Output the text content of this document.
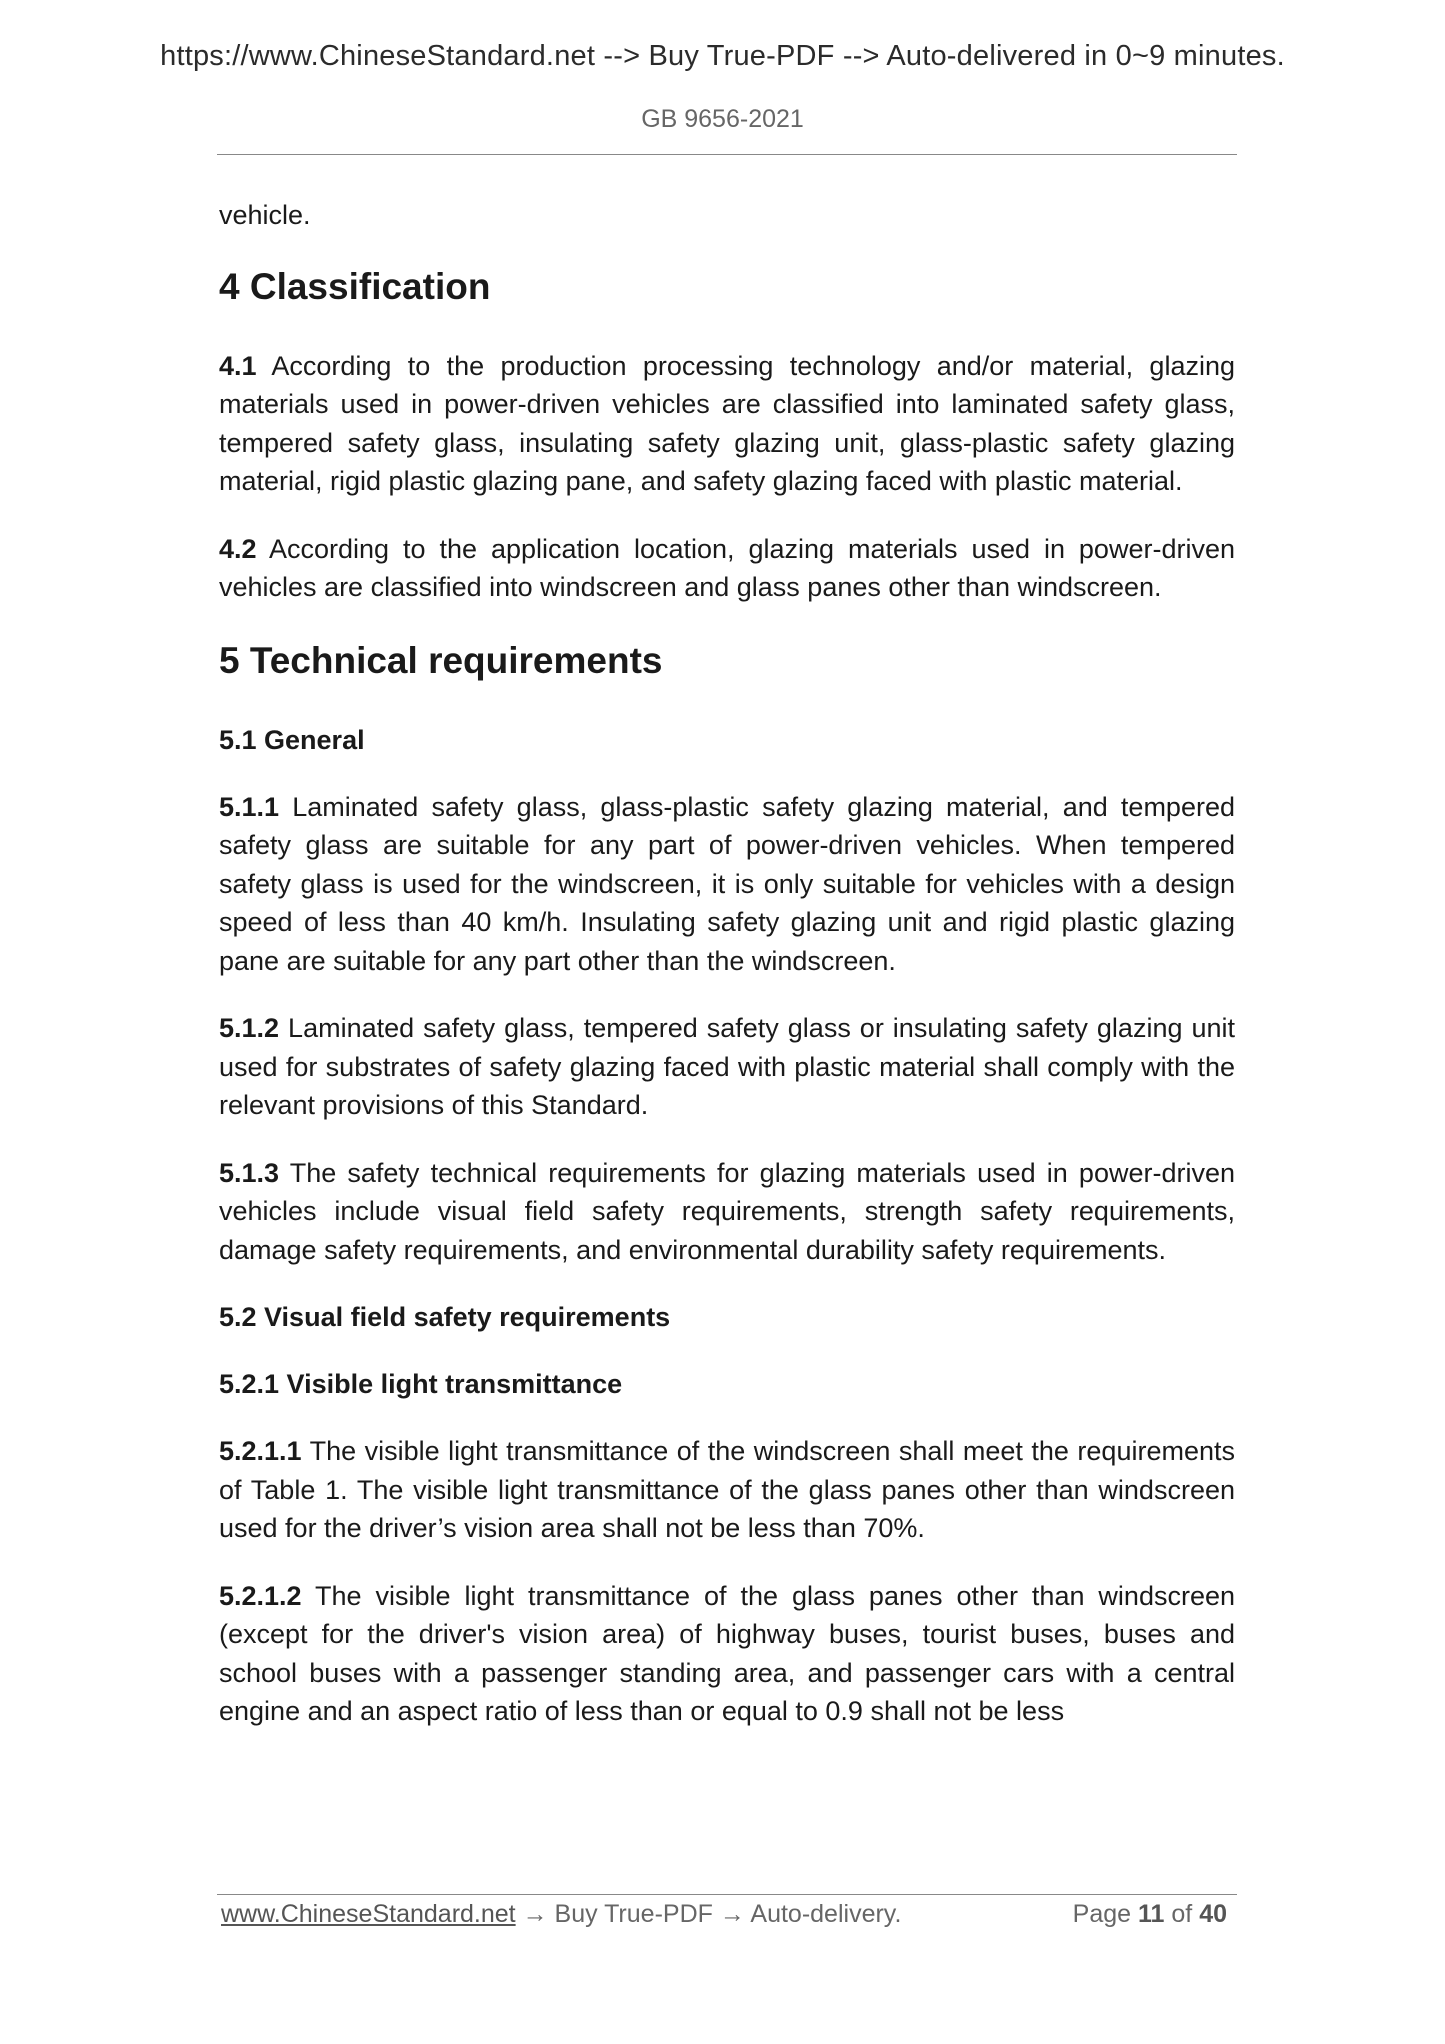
https://www.ChineseStandard.net --> Buy True-PDF --> Auto-delivered in 0~9 minutes.
GB 9656-2021

vehicle.

4 Classification

4.1 According to the production processing technology and/or material, glazing materials used in power-driven vehicles are classified into laminated safety glass, tempered safety glass, insulating safety glazing unit, glass-plastic safety glazing material, rigid plastic glazing pane, and safety glazing faced with plastic material.

4.2 According to the application location, glazing materials used in power-driven vehicles are classified into windscreen and glass panes other than windscreen.

5 Technical requirements
5.1 General

5.1.1 Laminated safety glass, glass-plastic safety glazing material, and tempered safety glass are suitable for any part of power-driven vehicles. When tempered safety glass is used for the windscreen, it is only suitable for vehicles with a design speed of less than 40 km/h. Insulating safety glazing unit and rigid plastic glazing pane are suitable for any part other than the windscreen.

5.1.2 Laminated safety glass, tempered safety glass or insulating safety glazing unit used for substrates of safety glazing faced with plastic material shall comply with the relevant provisions of this Standard.

5.1.3 The safety technical requirements for glazing materials used in power-driven vehicles include visual field safety requirements, strength safety requirements, damage safety requirements, and environmental durability safety requirements.

5.2 Visual field safety requirements
5.2.1 Visible light transmittance

5.2.1.1 The visible light transmittance of the windscreen shall meet the requirements of Table 1. The visible light transmittance of the glass panes other than windscreen used for the driver’s vision area shall not be less than 70%.

5.2.1.2 The visible light transmittance of the glass panes other than windscreen (except for the driver's vision area) of highway buses, tourist buses, buses and school buses with a passenger standing area, and passenger cars with a central engine and an aspect ratio of less than or equal to 0.9 shall not be less

www.ChineseStandard.net → Buy True-PDF → Auto-delivery.	Page 11 of 40
